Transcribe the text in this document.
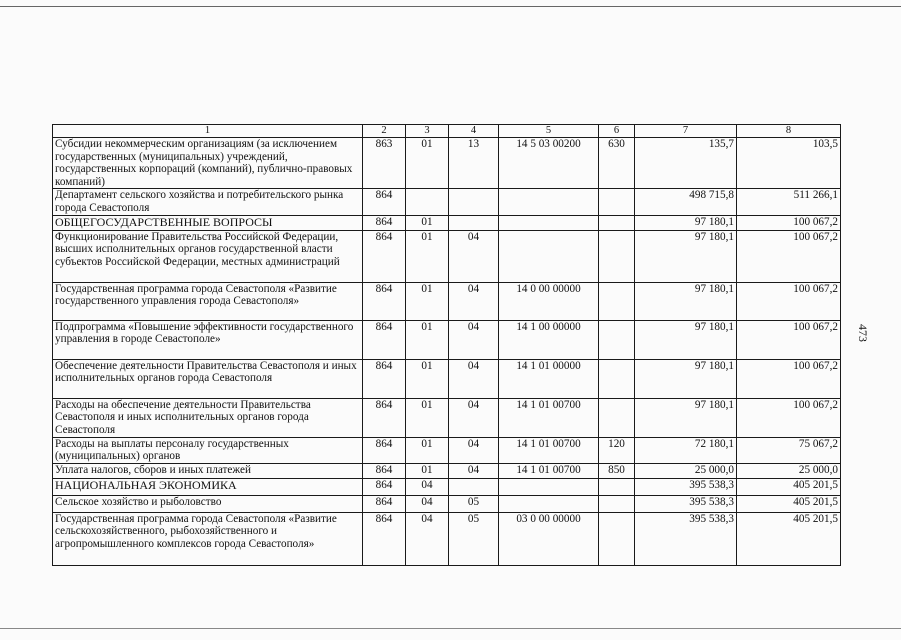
1	2	3	4	5	6	7	8
Субсидии некоммерческим организациям (за исключением государственных (муниципальных) учреждений, государственных корпораций (компаний), публично-правовых компаний)	863	01	13	14 5 03 00200	630	135,7	103,5
Департамент сельского хозяйства и потребительского рынка города Севастополя	864					498 715,8	511 266,1
ОБЩЕГОСУДАРСТВЕННЫЕ ВОПРОСЫ	864	01				97 180,1	100 067,2
Функционирование Правительства Российской Федерации, высших исполнительных органов государственной власти субъектов Российской Федерации, местных администраций	864	01	04			97 180,1	100 067,2
Государственная программа города Севастополя «Развитие государственного управления города Севастополя»	864	01	04	14 0 00 00000		97 180,1	100 067,2
Подпрограмма «Повышение эффективности государственного управления в городе Севастополе»	864	01	04	14 1 00 00000		97 180,1	100 067,2
Обеспечение деятельности Правительства Севастополя и иных исполнительных органов города Севастополя	864	01	04	14 1 01 00000		97 180,1	100 067,2
Расходы на обеспечение деятельности Правительства Севастополя и иных исполнительных органов города Севастополя	864	01	04	14 1 01 00700		97 180,1	100 067,2
Расходы на выплаты персоналу государственных (муниципальных) органов	864	01	04	14 1 01 00700	120	72 180,1	75 067,2
Уплата налогов, сборов и иных платежей	864	01	04	14 1 01 00700	850	25 000,0	25 000,0
НАЦИОНАЛЬНАЯ ЭКОНОМИКА	864	04				395 538,3	405 201,5
Сельское хозяйство и рыболовство	864	04	05			395 538,3	405 201,5
Государственная программа города Севастополя «Развитие сельскохозяйственного, рыбохозяйственного и агропромышленного комплексов города Севастополя»	864	04	05	03 0 00 00000		395 538,3	405 201,5
473
